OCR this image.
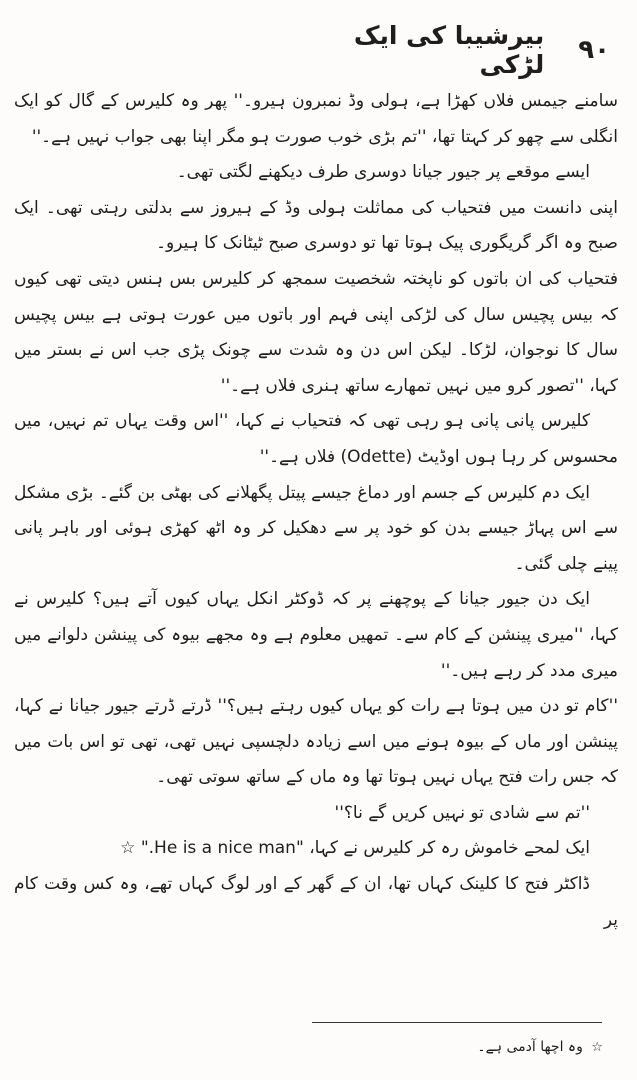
۹۰
بیرشیبا کی ایک لڑکی

سامنے جیمس فلاں کھڑا ہے، ہولی وڈ نمبرون ہیرو۔'' پھر وہ کلیرس کے گال کو ایک انگلی سے چھو کر کہتا تھا، ''تم بڑی خوب صورت ہو مگر اپنا بھی جواب نہیں ہے۔''

ایسے موقعے پر جیور جیانا دوسری طرف دیکھنے لگتی تھی۔

اپنی دانست میں فتحیاب کی مماثلت ہولی وڈ کے ہیروز سے بدلتی رہتی تھی۔ ایک صبح وہ اگر گریگوری پیک ہوتا تھا تو دوسری صبح ٹیٹانک کا ہیرو۔

فتحیاب کی ان باتوں کو ناپختہ شخصیت سمجھ کر کلیرس بس ہنس دیتی تھی کیوں کہ بیس پچیس سال کی لڑکی اپنی فہم اور باتوں میں عورت ہوتی ہے بیس پچیس سال کا نوجوان، لڑکا۔ لیکن اس دن وہ شدت سے چونک پڑی جب اس نے بستر میں کہا، ''تصور کرو میں نہیں تمھارے ساتھ ہنری فلاں ہے۔''

کلیرس پانی پانی ہو رہی تھی کہ فتحیاب نے کہا، ''اس وقت یہاں تم نہیں، میں محسوس کر رہا ہوں اوڈیٹ (Odette) فلاں ہے۔''

ایک دم کلیرس کے جسم اور دماغ جیسے پیتل پگھلانے کی بھٹی بن گئے۔ بڑی مشکل سے اس پہاڑ جیسے بدن کو خود پر سے دھکیل کر وہ اٹھ کھڑی ہوئی اور باہر پانی پینے چلی گئی۔

ایک دن جیور جیانا کے پوچھنے پر کہ ڈوکٹر انکل یہاں کیوں آتے ہیں؟ کلیرس نے کہا، ''میری پینشن کے کام سے۔ تمھیں معلوم ہے وہ مجھے بیوہ کی پینشن دلوانے میں میری مدد کر رہے ہیں۔''

''کام تو دن میں ہوتا ہے رات کو یہاں کیوں رہتے ہیں؟'' ڈرتے ڈرتے جیور جیانا نے کہا، پینشن اور ماں کے بیوہ ہونے میں اسے زیادہ دلچسپی نہیں تھی، تھی تو اس بات میں کہ جس رات فتح یہاں نہیں ہوتا تھا وہ ماں کے ساتھ سوتی تھی۔

''تم سے شادی تو نہیں کریں گے نا؟''

ایک لمحے خاموش رہ کر کلیرس نے کہا، "He is a nice man." ☆

ڈاکٹر فتح کا کلینک کہاں تھا، ان کے گھر کے اور لوگ کہاں تھے، وہ کس وقت کام پر

☆ وہ اچھا آدمی ہے۔
